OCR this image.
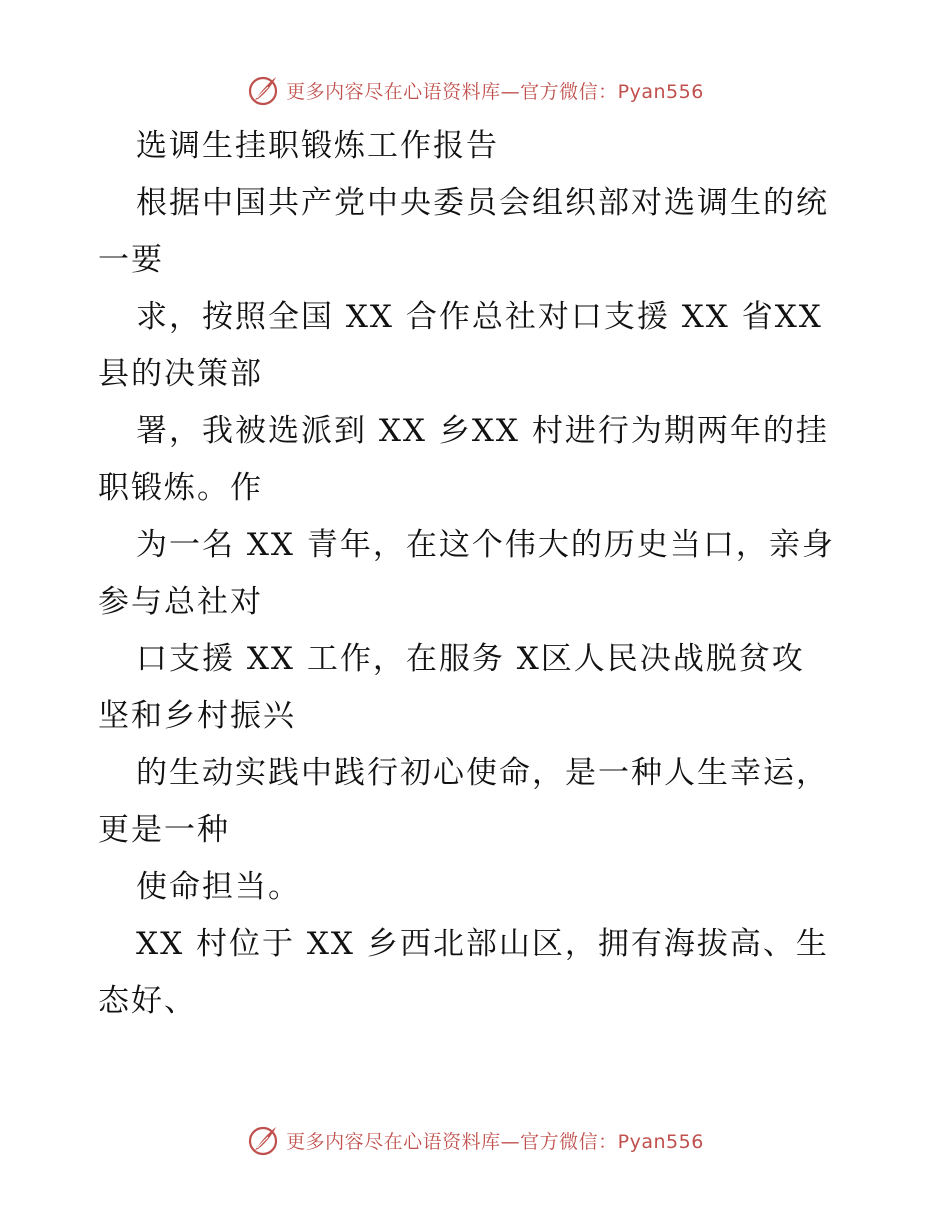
更多内容尽在心语资料库—官方微信：Pyan556
选调生挂职锻炼工作报告
根据中国共产党中央委员会组织部对选调生的统
一要
求，按照全国 XX 合作总社对口支援 XX 省XX
县的决策部
署，我被选派到 XX 乡XX 村进行为期两年的挂
职锻炼。作
为一名 XX 青年，在这个伟大的历史当口，亲身
参与总社对
口支援 XX 工作，在服务 X区人民决战脱贫攻
坚和乡村振兴
的生动实践中践行初心使命，是一种人生幸运，
更是一种
使命担当。
XX 村位于 XX 乡西北部山区，拥有海拔高、生
态好、
更多内容尽在心语资料库—官方微信：Pyan556
